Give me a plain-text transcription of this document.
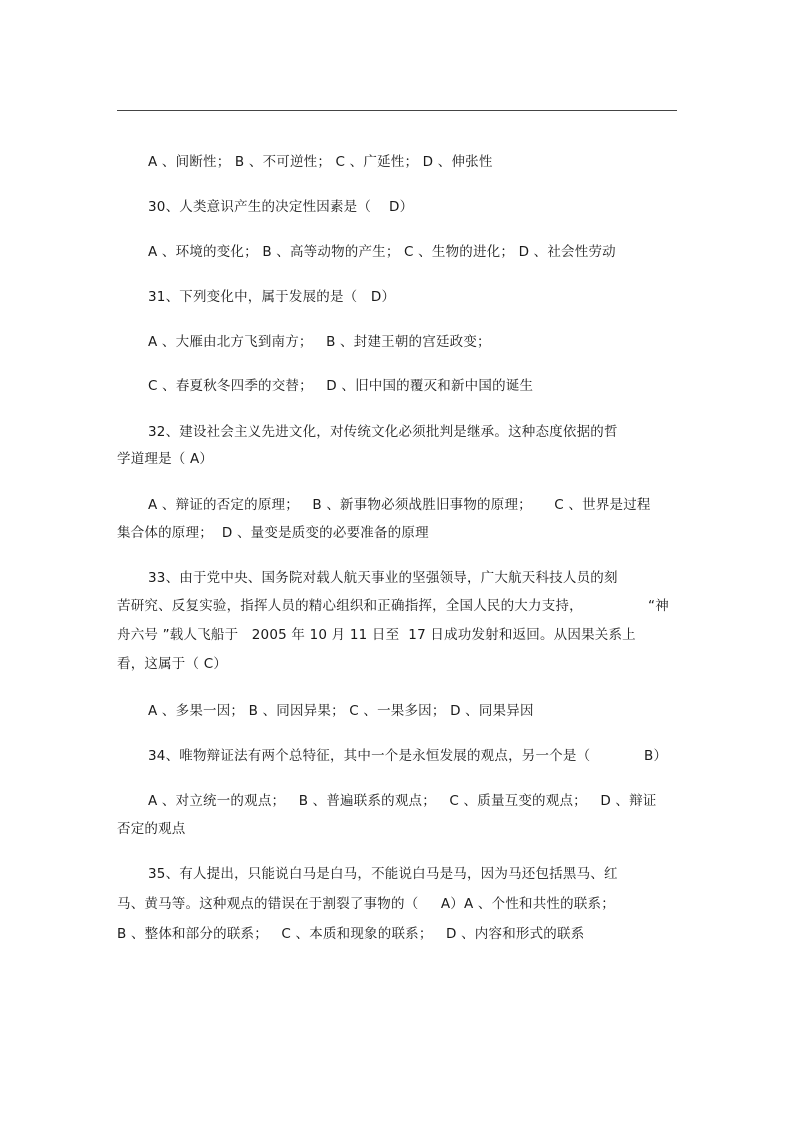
A 、间断性； B 、不可逆性； C 、广延性； D 、伸张性
30、人类意识产生的决定性因素是（    D）
A 、环境的变化； B 、高等动物的产生； C 、生物的进化； D 、社会性劳动
31、下列变化中，属于发展的是（   D）
A 、大雁由北方飞到南方；   B 、封建王朝的宫廷政变；
C 、春夏秋冬四季的交替；   D 、旧中国的覆灭和新中国的诞生
32、建设社会主义先进文化，对传统文化必须批判是继承。这种态度依据的哲
学道理是（ A）
A 、辩证的否定的原理；   B 、新事物必须战胜旧事物的原理；     C 、世界是过程
集合体的原理；  D 、量变是质变的必要准备的原理
33、由于党中央、国务院对载人航天事业的坚强领导，广大航天科技人员的刻
苦研究、反复实验，指挥人员的精心组织和正确指挥，全国人民的大力支持，	“神
舟六号 ”载人飞船于   2005 年 10 月 11 日至  17 日成功发射和返回。从因果关系上
看，这属于（ C）
A 、多果一因； B 、同因异果； C 、一果多因； D 、同果异因
34、唯物辩证法有两个总特征，其中一个是永恒发展的观点，另一个是（	B）
A 、对立统一的观点；   B 、普遍联系的观点；   C 、质量互变的观点；   D 、辩证
否定的观点
35、有人提出，只能说白马是白马，不能说白马是马，因为马还包括黑马、红
马、黄马等。这种观点的错误在于割裂了事物的（     A）A 、个性和共性的联系；
B 、整体和部分的联系；   C 、本质和现象的联系；   D 、内容和形式的联系
